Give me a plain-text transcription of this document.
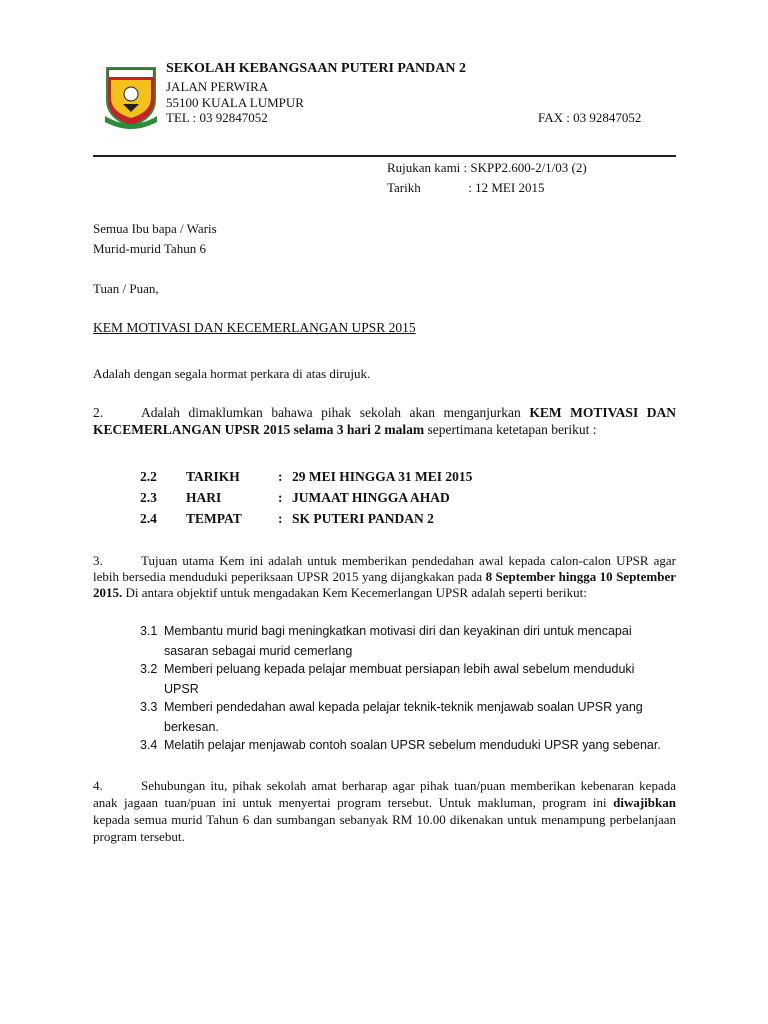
SEKOLAH KEBANGSAAN PUTERI PANDAN 2
JALAN PERWIRA
55100 KUALA LUMPUR
TEL : 03 92847052	FAX : 03 92847052
Rujukan kami : SKPP2.600-2/1/03 (2)
Tarikh	: 12 MEI 2015
Semua Ibu bapa / Waris
Murid-murid Tahun 6
Tuan / Puan,
KEM MOTIVASI DAN KECEMERLANGAN UPSR 2015
Adalah dengan segala hormat perkara di atas dirujuk.
2.	Adalah dimaklumkan bahawa pihak sekolah akan menganjurkan KEM MOTIVASI DAN KECEMERLANGAN UPSR 2015 selama 3 hari 2 malam sepertimana ketetapan berikut :
2.2 TARIKH	: 29 MEI HINGGA 31 MEI 2015
2.3 HARI	: JUMAAT HINGGA AHAD
2.4 TEMPAT	: SK PUTERI PANDAN 2
3.	Tujuan utama Kem ini adalah untuk memberikan pendedahan awal kepada calon-calon UPSR agar lebih bersedia menduduki peperiksaan UPSR 2015 yang dijangkakan pada 8 September hingga 10 September 2015. Di antara objektif untuk mengadakan Kem Kecemerlangan UPSR adalah seperti berikut:
3.1 Membantu murid bagi meningkatkan motivasi diri dan keyakinan diri untuk mencapai
sasaran sebagai murid cemerlang
3.2 Memberi peluang kepada pelajar membuat persiapan lebih awal sebelum menduduki
UPSR
3.3 Memberi pendedahan awal kepada pelajar teknik-teknik menjawab soalan UPSR yang
berkesan.
3.4 Melatih pelajar menjawab contoh soalan UPSR sebelum menduduki UPSR yang sebenar.
4.	Sehubungan itu, pihak sekolah amat berharap agar pihak tuan/puan memberikan kebenaran kepada anak jagaan tuan/puan ini untuk menyertai program tersebut. Untuk makluman, program ini diwajibkan kepada semua murid Tahun 6 dan sumbangan sebanyak RM 10.00 dikenakan untuk menampung perbelanjaan program tersebut.
